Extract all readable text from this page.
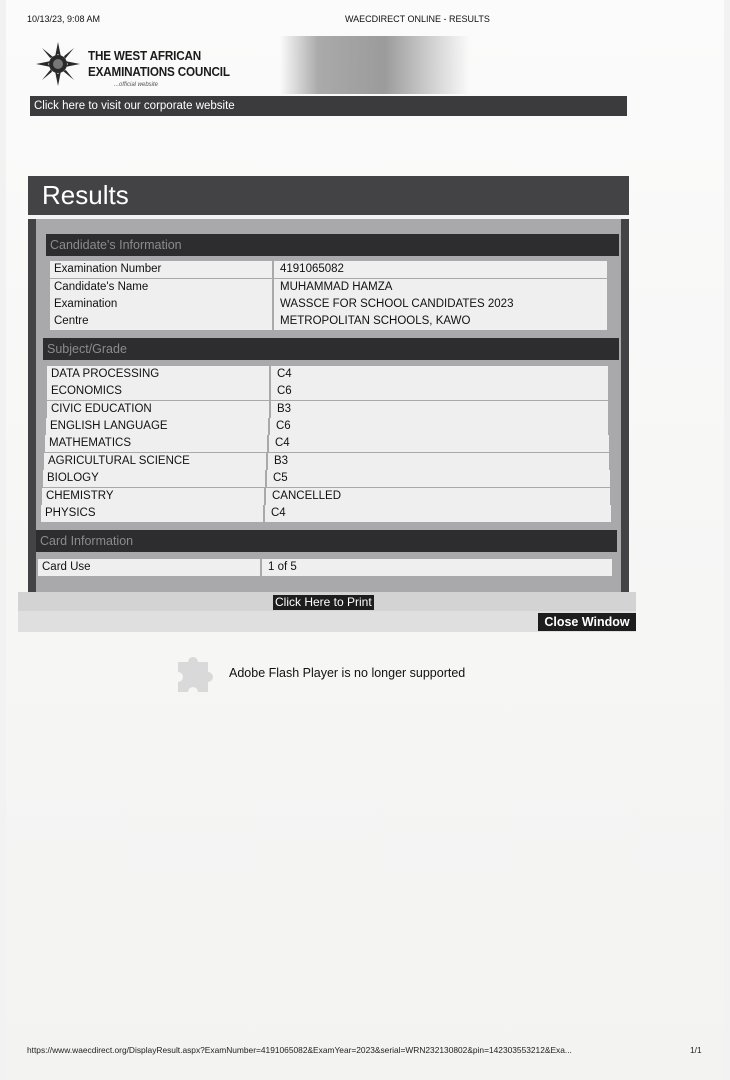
10/13/23, 9:08 AM	WAECDIRECT ONLINE - RESULTS
THE WEST AFRICAN
EXAMINATIONS COUNCIL
...official website
Click here to visit our corporate website
Results
Candidate's Information
Examination Number	4191065082
Candidate's Name	MUHAMMAD HAMZA
Examination	WASSCE FOR SCHOOL CANDIDATES 2023
Centre	METROPOLITAN SCHOOLS, KAWO
Subject/Grade
DATA PROCESSING	C4
ECONOMICS	C6
CIVIC EDUCATION	B3
ENGLISH LANGUAGE	C6
MATHEMATICS	C4
AGRICULTURAL SCIENCE	B3
BIOLOGY	C5
CHEMISTRY	CANCELLED
PHYSICS	C4
Card Information
Card Use	1 of 5
Click Here to Print
Close Window
Adobe Flash Player is no longer supported
https://www.waecdirect.org/DisplayResult.aspx?ExamNumber=4191065082&ExamYear=2023&serial=WRN232130802&pin=142303553212&Exa...	1/1
